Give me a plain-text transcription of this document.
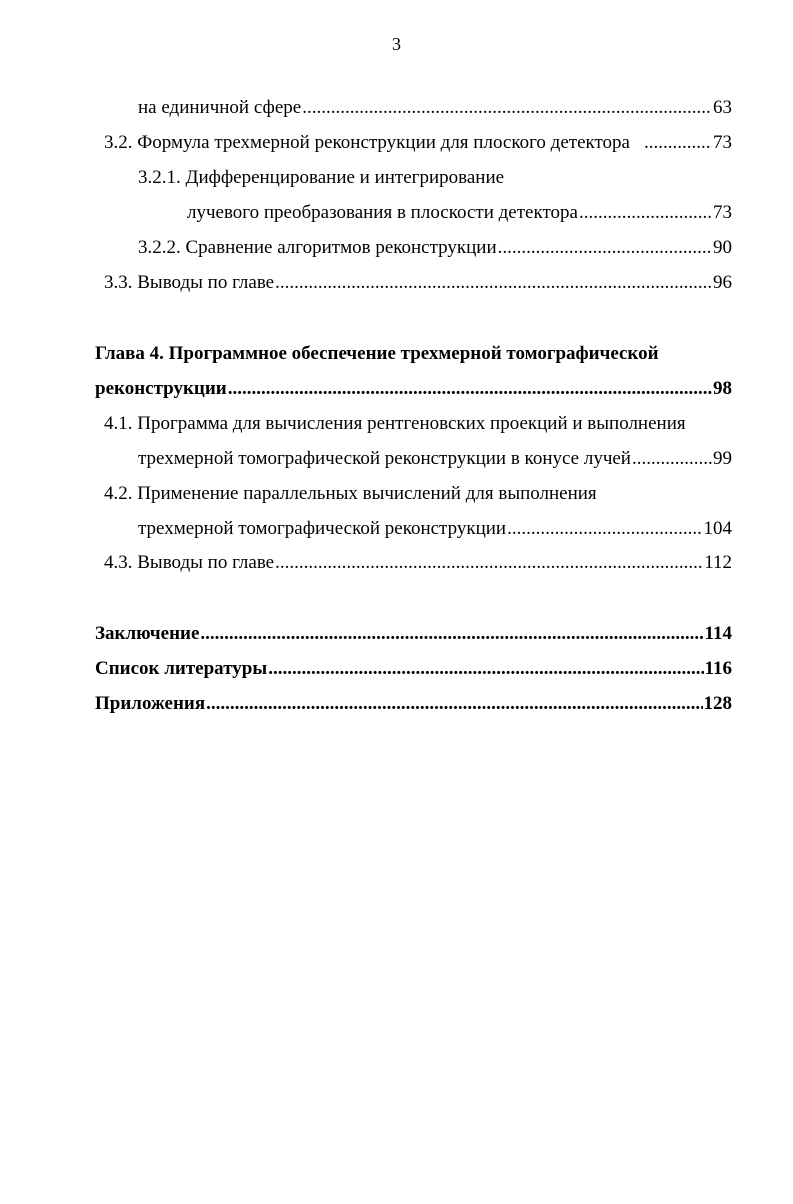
3
на единичной сфере .....	63
3.2. Формула трехмерной реконструкции для плоского детектора .....	73
3.2.1. Дифференцирование и интегрирование
лучевого преобразования в плоскости детектора .....	73
3.2.2. Сравнение алгоритмов реконструкции .....	90
3.3. Выводы по главе .....	96
Глава 4. Программное обеспечение трехмерной томографической
реконструкции .....	98
4.1. Программа для вычисления рентгеновских проекций и выполнения
трехмерной томографической реконструкции в конусе лучей .....	99
4.2. Применение параллельных вычислений для выполнения
трехмерной томографической реконструкции .....	104
4.3. Выводы по главе .....	112
Заключение .....	114
Список литературы .....	116
Приложения .....	128
